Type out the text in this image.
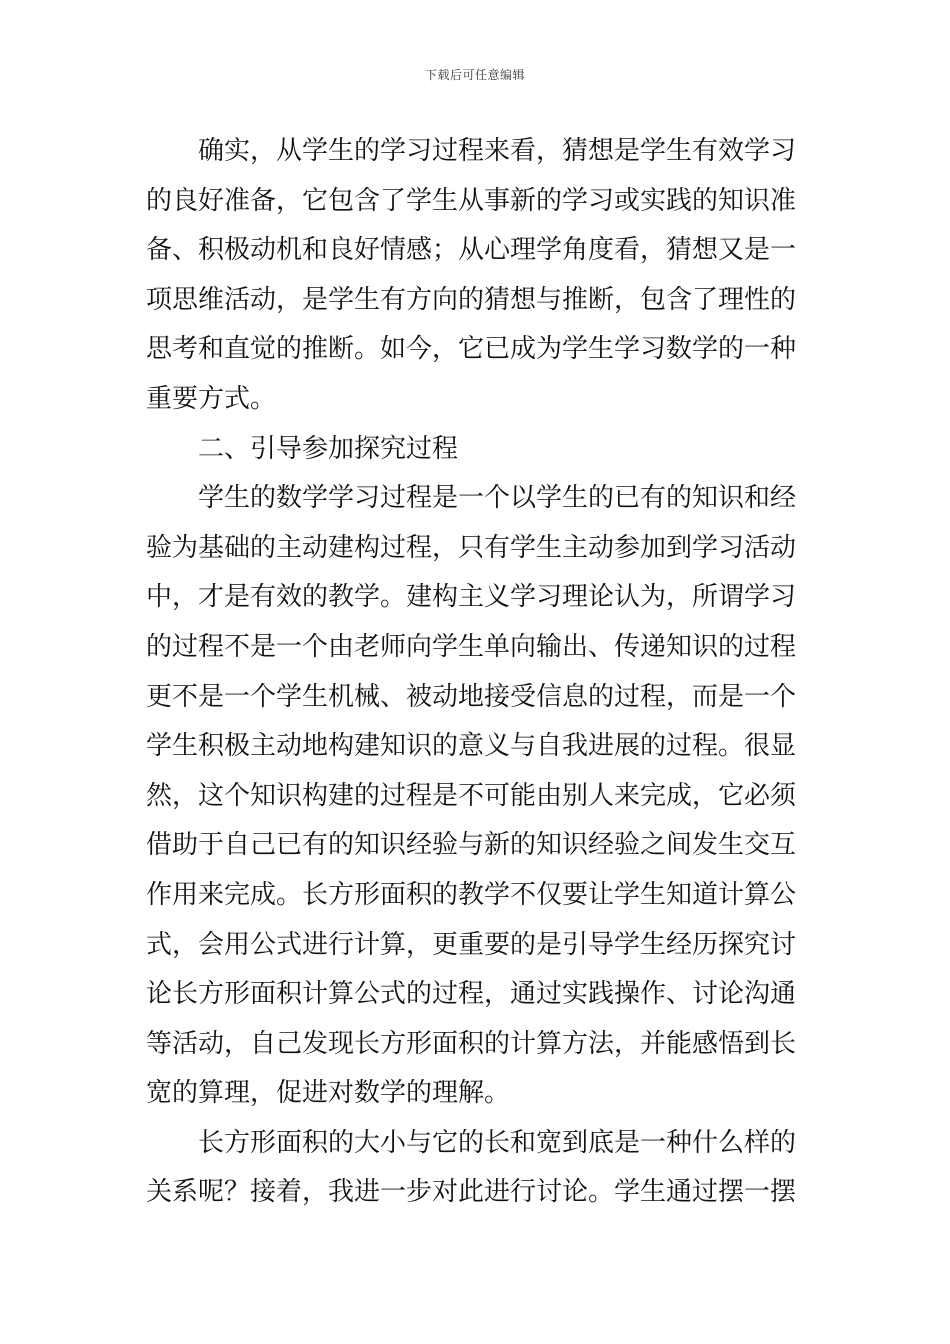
下载后可任意编辑
确实，从学生的学习过程来看，猜想是学生有效学习
的良好准备，它包含了学生从事新的学习或实践的知识准
备、积极动机和良好情感；从心理学角度看，猜想又是一
项思维活动，是学生有方向的猜想与推断，包含了理性的
思考和直觉的推断。如今，它已成为学生学习数学的一种
重要方式。
二、引导参加探究过程
学生的数学学习过程是一个以学生的已有的知识和经
验为基础的主动建构过程，只有学生主动参加到学习活动
中，才是有效的教学。建构主义学习理论认为，所谓学习
的过程不是一个由老师向学生单向输出、传递知识的过程
更不是一个学生机械、被动地接受信息的过程，而是一个
学生积极主动地构建知识的意义与自我进展的过程。很显
然，这个知识构建的过程是不可能由别人来完成，它必须
借助于自己已有的知识经验与新的知识经验之间发生交互
作用来完成。长方形面积的教学不仅要让学生知道计算公
式，会用公式进行计算，更重要的是引导学生经历探究讨
论长方形面积计算公式的过程，通过实践操作、讨论沟通
等活动，自己发现长方形面积的计算方法，并能感悟到长
宽的算理，促进对数学的理解。
长方形面积的大小与它的长和宽到底是一种什么样的
关系呢？接着，我进一步对此进行讨论。学生通过摆一摆
